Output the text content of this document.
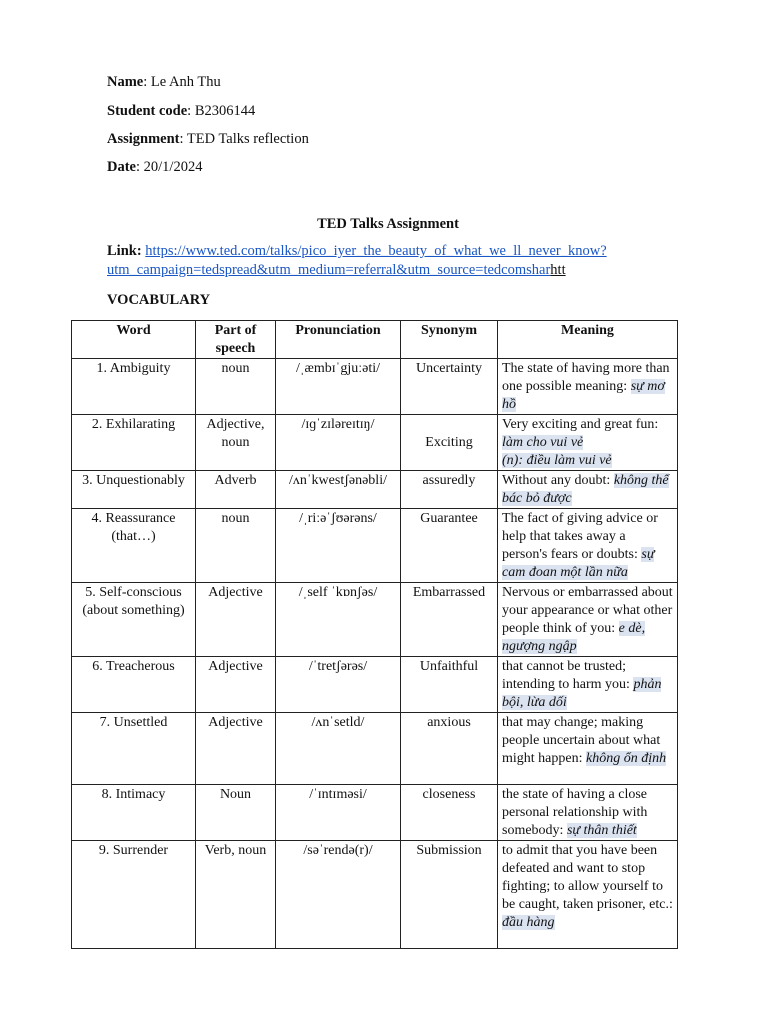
Name: Le Anh Thu
Student code: B2306144
Assignment: TED Talks reflection
Date: 20/1/2024
TED Talks Assignment
Link: https://www.ted.com/talks/pico_iyer_the_beauty_of_what_we_ll_never_know?
utm_campaign=tedspread&utm_medium=referral&utm_source=tedcomsharhtt
VOCABULARY
Word	Part of speech	Pronunciation	Synonym	Meaning
1. Ambiguity	noun	/ˌæmbɪˈgjuːəti/	Uncertainty	The state of having more than one possible meaning: sự mơ hồ
2. Exhilarating	Adjective, noun	/ɪɡˈzɪləreɪtɪŋ/	Exciting	Very exciting and great fun: làm cho vui vẻ
(n): điều làm vui vẻ
3. Unquestionably	Adverb	/ʌnˈkwestʃənəbli/	assuredly	Without any doubt: không thể bác bỏ được
4. Reassurance (that…)	noun	/ˌriːəˈʃʊərəns/	Guarantee	The fact of giving advice or help that takes away a person's fears or doubts: sự cam đoan một lần nữa
5. Self-conscious (about something)	Adjective	/ˌself ˈkɒnʃəs/	Embarrassed	Nervous or embarrassed about your appearance or what other people think of you: e dè, ngượng ngập
6. Treacherous	Adjective	/ˈtretʃərəs/	Unfaithful	that cannot be trusted; intending to harm you: phản bội, lừa dối
7. Unsettled	Adjective	/ʌnˈsetld/	anxious	that may change; making people uncertain about what might happen: không ổn định
8. Intimacy	Noun	/ˈɪntɪməsi/	closeness	the state of having a close personal relationship with somebody: sự thân thiết
9. Surrender	Verb, noun	/səˈrendə(r)/	Submission	to admit that you have been defeated and want to stop fighting; to allow yourself to be caught, taken prisoner, etc.: đầu hàng
